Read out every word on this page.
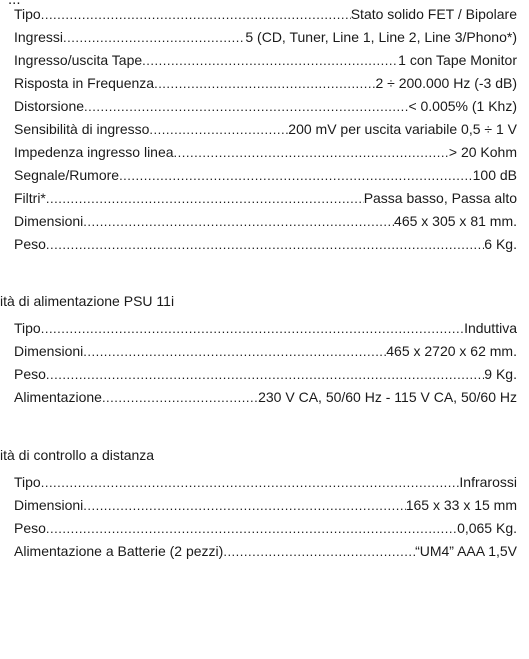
Tipo .....	Stato solido FET / Bipolare
Ingressi .....	5 (CD, Tuner, Line 1, Line 2, Line 3/Phono*)
Ingresso/uscita Tape .....	1 con Tape Monitor
Risposta in Frequenza .....	2 ÷ 200.000 Hz (-3 dB)
Distorsione .....	< 0.005% (1 Khz)
Sensibilità di ingresso .....	200 mV per uscita variabile 0,5 ÷ 1 V
Impedenza ingresso linea .....	> 20 Kohm
Segnale/Rumore .....	100 dB
Filtri* .....	Passa basso, Passa alto
Dimensioni .....	465 x 305 x 81 mm.
Peso .....	6 Kg.
ità di alimentazione PSU 11i
Tipo .....	Induttiva
Dimensioni .....	465 x 2720 x 62 mm.
Peso .....	9 Kg.
Alimentazione .....	230 V CA, 50/60 Hz - 115 V CA, 50/60 Hz
ità di controllo a distanza
Tipo .....	Infrarossi
Dimensioni .....	165 x 33 x 15 mm
Peso .....	0,065 Kg.
Alimentazione a Batterie (2 pezzi) .....	“UM4” AAA 1,5V
